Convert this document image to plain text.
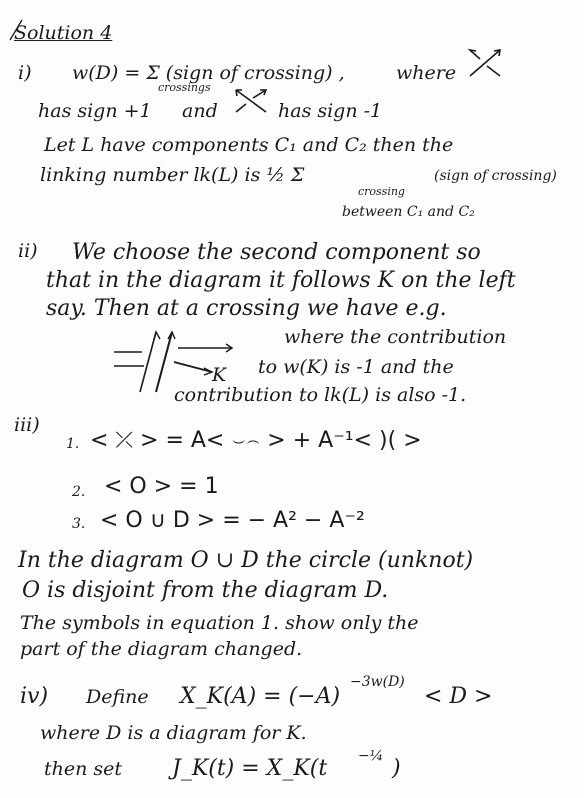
Solution 4
i) w(D) = Σ (sign of crossing) ,
crossings
where
has sign +1 and	has sign -1
Let L have components C₁ and C₂ then the
linking number lk(L) is ½ Σ	(sign of crossing)
crossing
between C₁ and C₂
ii) We choose the second component so
that in the diagram it follows K on the left
say. Then at a crossing we have e.g.
K
where the contribution
to w(K) is -1 and the
contribution to lk(L) is also -1.
iii)
1. < ⤫ > = A< ⌣⌢ > + A⁻¹< )( >
2. < O > = 1
3. < O ∪ D > = − A² − A⁻²
In the diagram O ∪ D the circle (unknot)
O is disjoint from the diagram D.
The symbols in equation 1. show only the
part of the diagram changed.
iv) Define X_K(A) = (−A)
−3w(D)
< D >
where D is a diagram for K.
then set J_K(t) = X_K(t −¼ )
